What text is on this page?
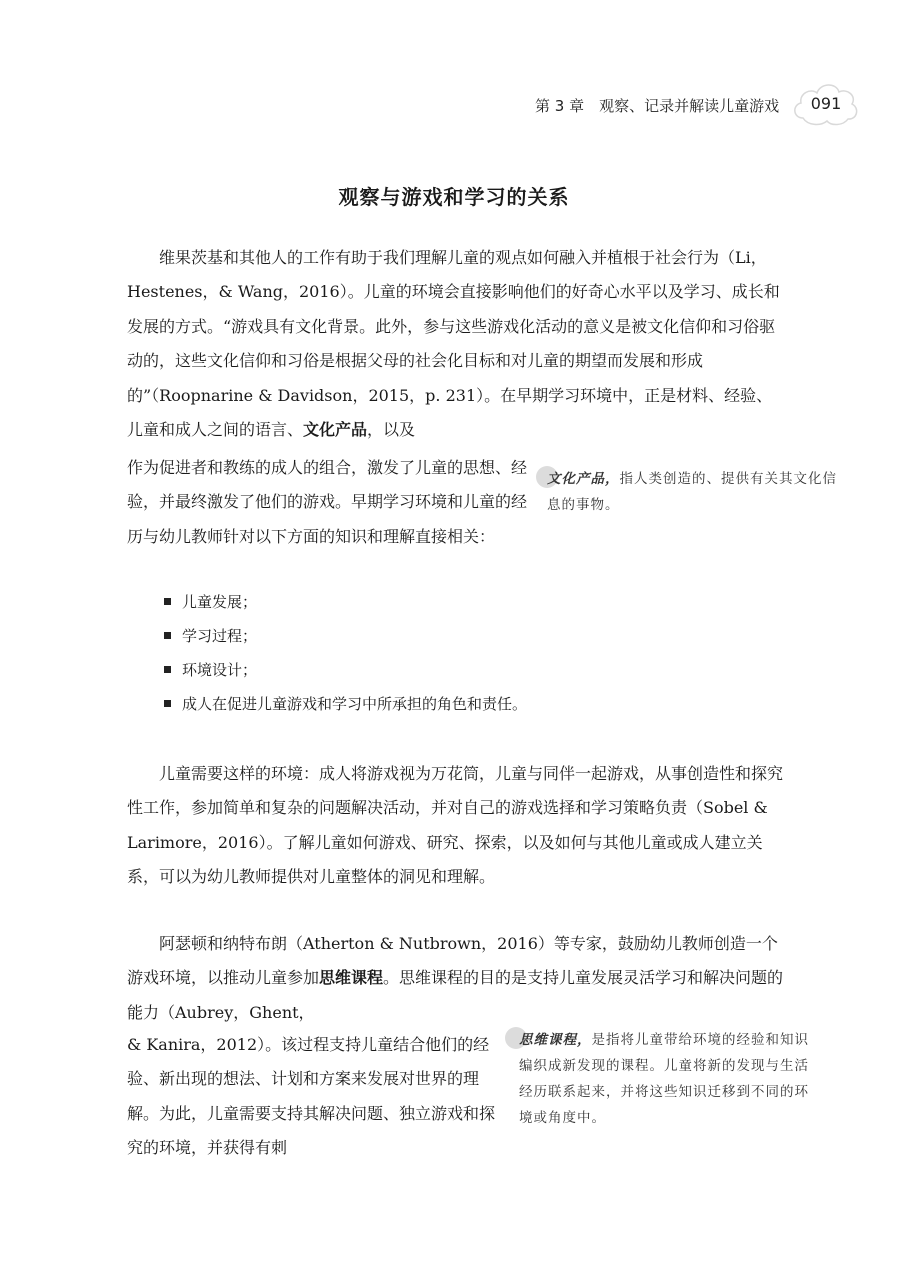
第 3 章　观察、记录并解读儿童游戏 091
观察与游戏和学习的关系

维果茨基和其他人的工作有助于我们理解儿童的观点如何融入并植根于社会行为（Li，Hestenes，& Wang，2016）。儿童的环境会直接影响他们的好奇心水平以及学习、成长和发展的方式。“游戏具有文化背景。此外，参与这些游戏化活动的意义是被文化信仰和习俗驱动的，这些文化信仰和习俗是根据父母的社会化目标和对儿童的期望而发展和形成的”（Roopnarine & Davidson，2015，p. 231）。在早期学习环境中，正是材料、经验、儿童和成人之间的语言、文化产品，以及

作为促进者和教练的成人的组合，激发了儿童的思想、经验，并最终激发了他们的游戏。早期学习环境和儿童的经历与幼儿教师针对以下方面的知识和理解直接相关：

文化产品，指人类创造的、提供有关其文化信息的事物。
儿童发展；
学习过程；
环境设计；
成人在促进儿童游戏和学习中所承担的角色和责任。

儿童需要这样的环境：成人将游戏视为万花筒，儿童与同伴一起游戏，从事创造性和探究性工作，参加简单和复杂的问题解决活动，并对自己的游戏选择和学习策略负责（Sobel & Larimore，2016）。了解儿童如何游戏、研究、探索，以及如何与其他儿童或成人建立关系，可以为幼儿教师提供对儿童整体的洞见和理解。

阿瑟顿和纳特布朗（Atherton & Nutbrown，2016）等专家，鼓励幼儿教师创造一个游戏环境，以推动儿童参加思维课程。思维课程的目的是支持儿童发展灵活学习和解决问题的能力（Aubrey，Ghent，

& Kanira，2012）。该过程支持儿童结合他们的经验、新出现的想法、计划和方案来发展对世界的理解。为此，儿童需要支持其解决问题、独立游戏和探究的环境，并获得有刺

思维课程，是指将儿童带给环境的经验和知识编织成新发现的课程。儿童将新的发现与生活经历联系起来，并将这些知识迁移到不同的环境或角度中。
